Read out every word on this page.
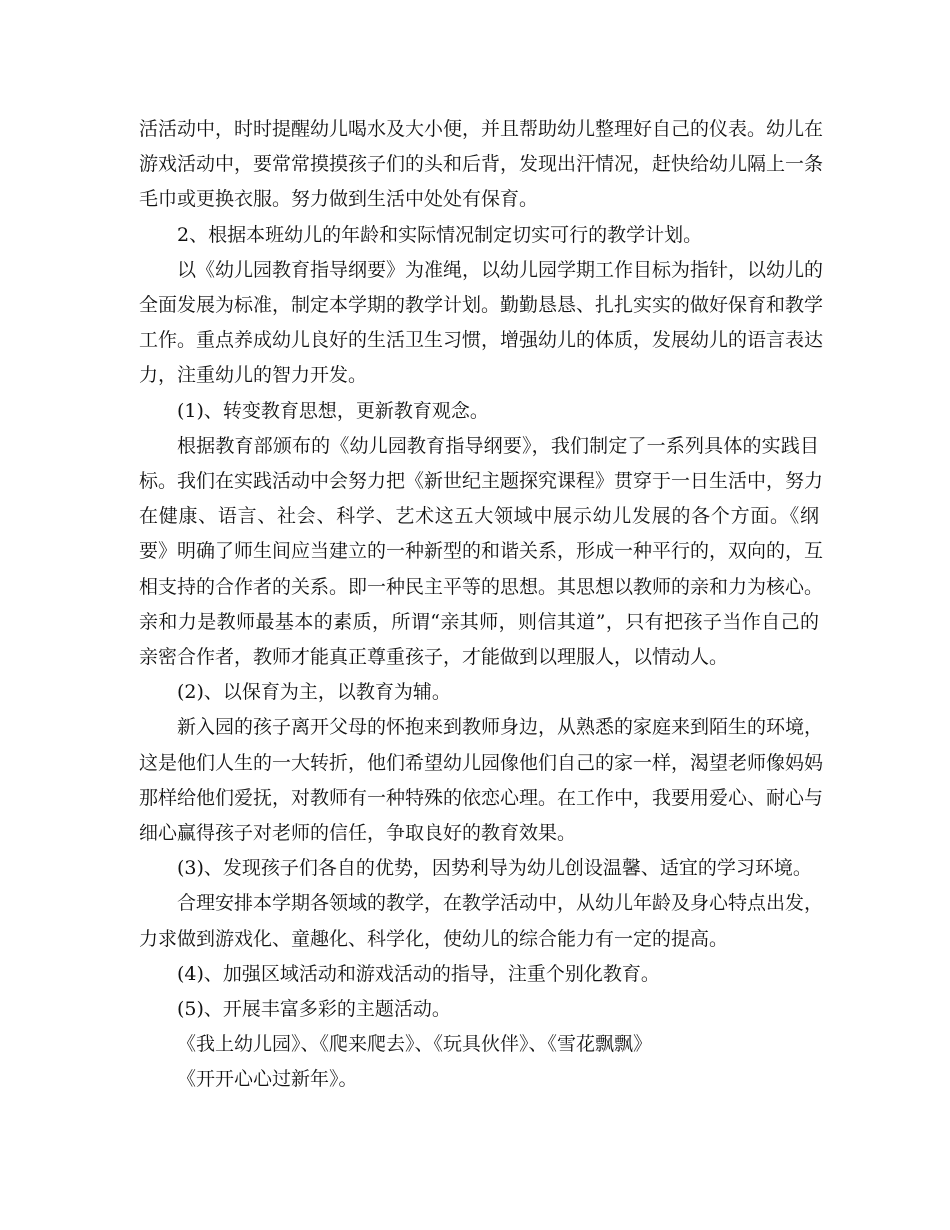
活活动中，时时提醒幼儿喝水及大小便，并且帮助幼儿整理好自己的仪表。幼儿在
游戏活动中，要常常摸摸孩子们的头和后背，发现出汗情况，赶快给幼儿隔上一条
毛巾或更换衣服。努力做到生活中处处有保育。
2、根据本班幼儿的年龄和实际情况制定切实可行的教学计划。
以《幼儿园教育指导纲要》为准绳，以幼儿园学期工作目标为指针，以幼儿的
全面发展为标准，制定本学期的教学计划。勤勤恳恳、扎扎实实的做好保育和教学
工作。重点养成幼儿良好的生活卫生习惯，增强幼儿的体质，发展幼儿的语言表达
力，注重幼儿的智力开发。
(1)、转变教育思想，更新教育观念。
根据教育部颁布的《幼儿园教育指导纲要》，我们制定了一系列具体的实践目
标。我们在实践活动中会努力把《新世纪主题探究课程》贯穿于一日生活中，努力
在健康、语言、社会、科学、艺术这五大领域中展示幼儿发展的各个方面。《纲
要》明确了师生间应当建立的一种新型的和谐关系，形成一种平行的，双向的，互
相支持的合作者的关系。即一种民主平等的思想。其思想以教师的亲和力为核心。
亲和力是教师最基本的素质，所谓“亲其师，则信其道”，只有把孩子当作自己的
亲密合作者，教师才能真正尊重孩子，才能做到以理服人，以情动人。
(2)、以保育为主，以教育为辅。
新入园的孩子离开父母的怀抱来到教师身边，从熟悉的家庭来到陌生的环境，
这是他们人生的一大转折，他们希望幼儿园像他们自己的家一样，渴望老师像妈妈
那样给他们爱抚，对教师有一种特殊的依恋心理。在工作中，我要用爱心、耐心与
细心赢得孩子对老师的信任，争取良好的教育效果。
(3)、发现孩子们各自的优势，因势利导为幼儿创设温馨、适宜的学习环境。
合理安排本学期各领域的教学，在教学活动中，从幼儿年龄及身心特点出发，
力求做到游戏化、童趣化、科学化，使幼儿的综合能力有一定的提高。
(4)、加强区域活动和游戏活动的指导，注重个别化教育。
(5)、开展丰富多彩的主题活动。
《我上幼儿园》、《爬来爬去》、《玩具伙伴》、《雪花飘飘》
《开开心心过新年》。
